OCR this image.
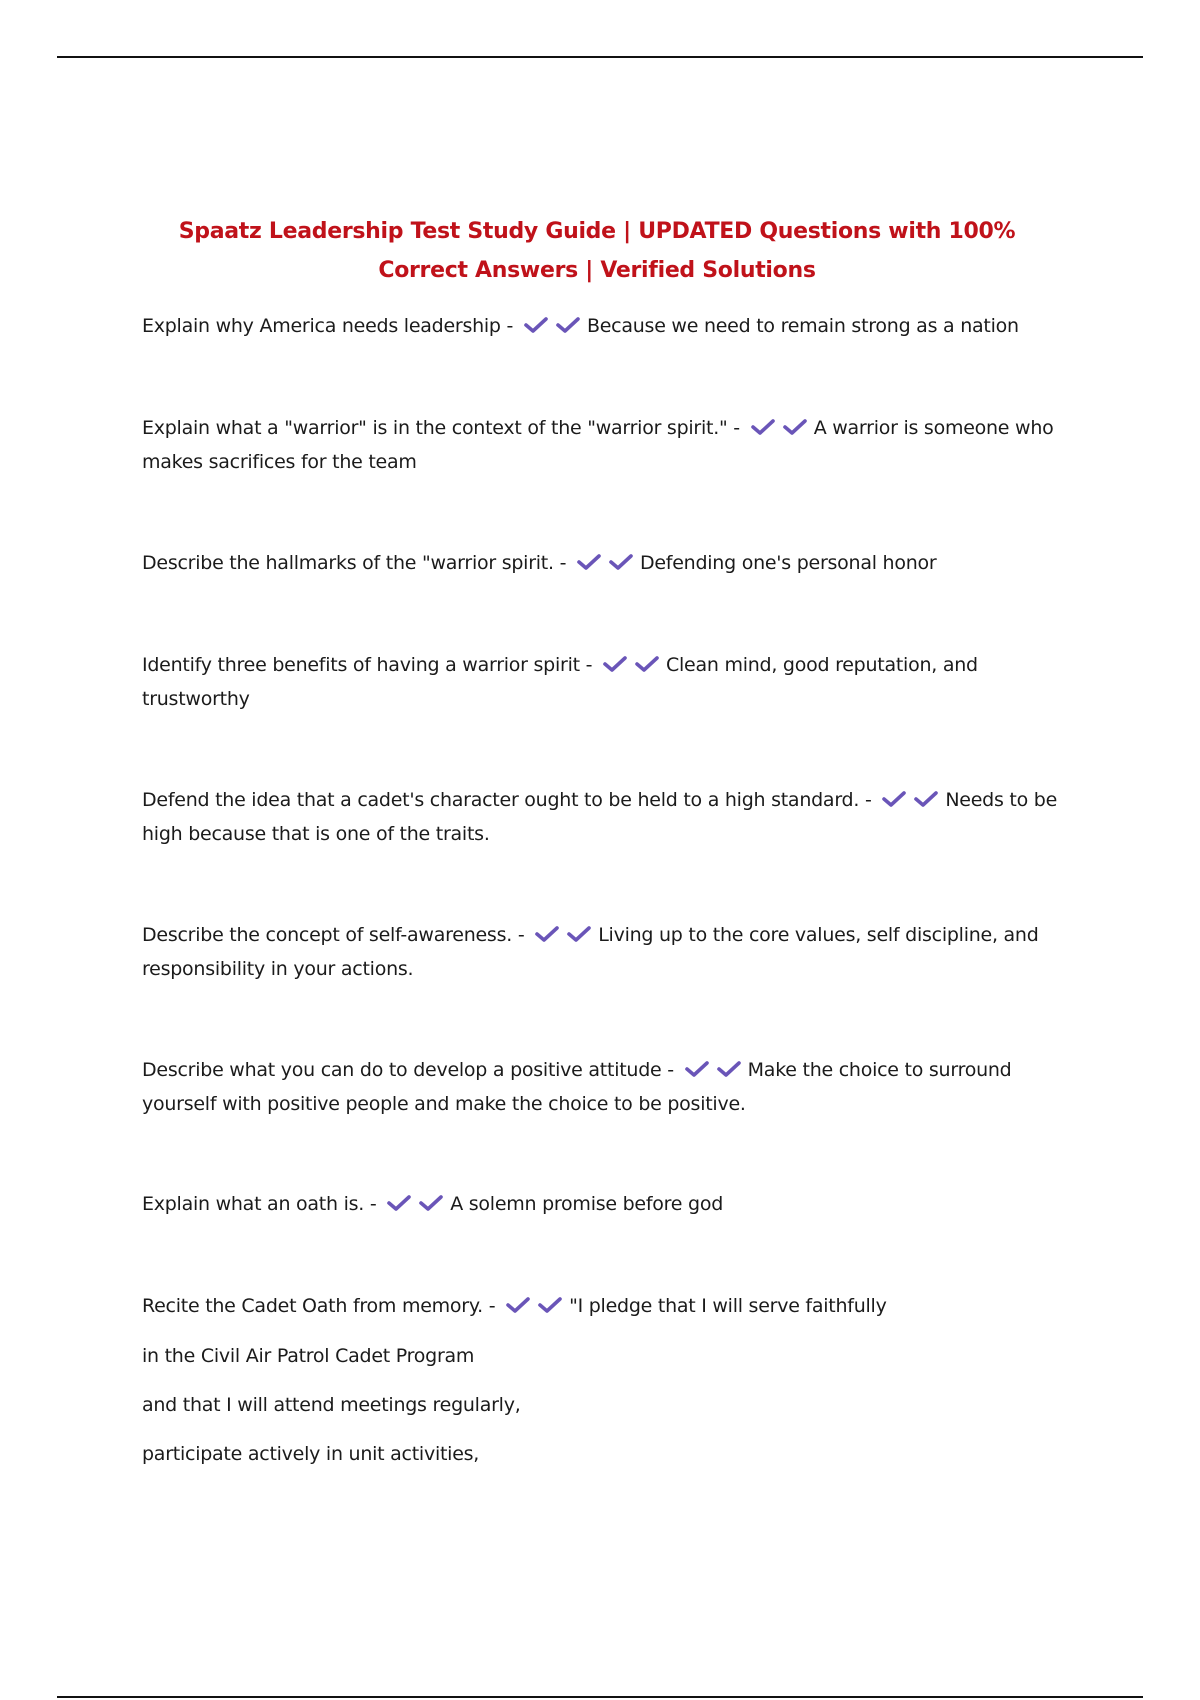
Spaatz Leadership Test Study Guide | UPDATED Questions with 100% Correct Answers | Verified Solutions
Explain why America needs leadership -	Because we need to remain strong as a nation
Explain what a "warrior" is in the context of the "warrior spirit." -	A warrior is someone who makes sacrifices for the team
Describe the hallmarks of the "warrior spirit. -	Defending one's personal honor
Identify three benefits of having a warrior spirit -	Clean mind, good reputation, and trustworthy
Defend the idea that a cadet's character ought to be held to a high standard. -	Needs to be high because that is one of the traits.
Describe the concept of self-awareness. -	Living up to the core values, self discipline, and responsibility in your actions.
Describe what you can do to develop a positive attitude -	Make the choice to surround yourself with positive people and make the choice to be positive.
Explain what an oath is. -	A solemn promise before god
Recite the Cadet Oath from memory. -	"I pledge that I will serve faithfully
in the Civil Air Patrol Cadet Program
and that I will attend meetings regularly,
participate actively in unit activities,
